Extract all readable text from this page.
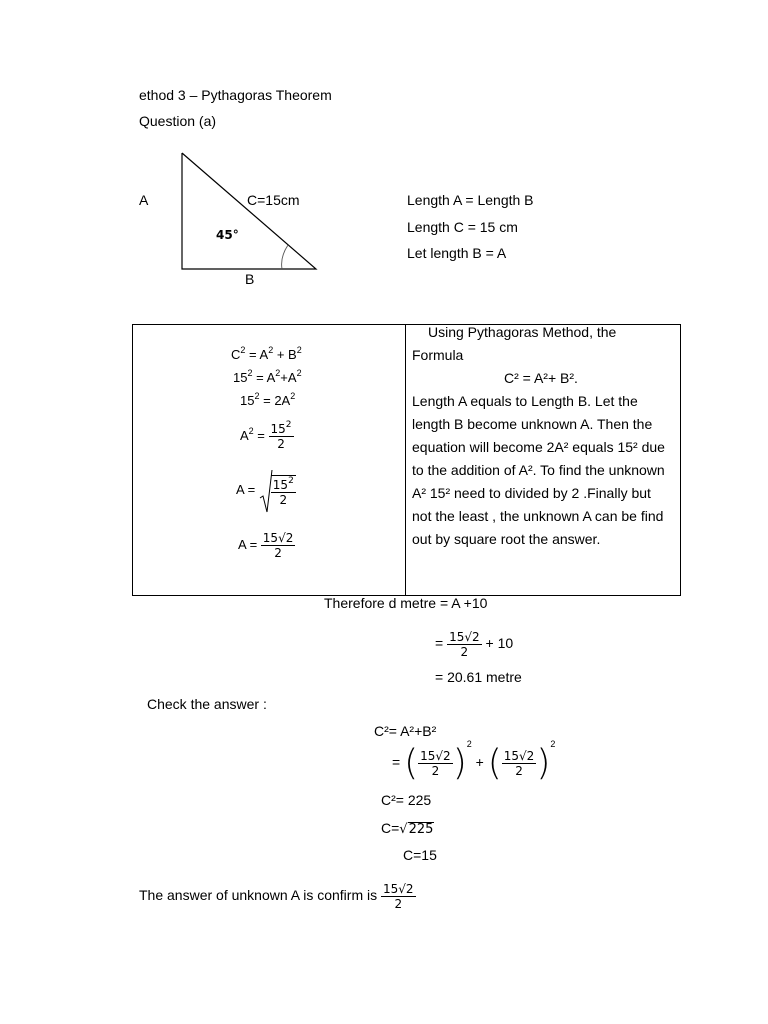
ethod 3 – Pythagoras Theorem
Question (a)
A	C=15cm
45°
B
Length A = Length B
Length C = 15 cm
Let length B = A
$C^2 = A^2 + B^2$
$15^2 = A^2+A^2$
$15^2 = 2A^2$
$A^2 = \frac{15^2}{2}$
$A = \frac{15^2}{2}$
$A = \frac{15√2}{2}$
Using Pythagoras Method, the
Formula
C² = A²+ B².
Length A equals to Length B. Let the
length B become unknown A. Then the
equation will become 2A² equals 15² due
to the addition of A². To find the unknown
A² 15² need to divided by 2 .Finally but
not the least , the unknown A can be find
out by square root the answer.
Therefore d metre = A +10
= $\frac{15√2}{2} + 10$
= 20.61 metre
Check the answer :
C²= A²+B²
= ( $\frac{15√2}{2} )^2$ + ( $\frac{15√2}{2} )^2$
C²= 225
C=√225
C=15
The answer of unknown A is confirm is $\frac{15√2}{2}$
